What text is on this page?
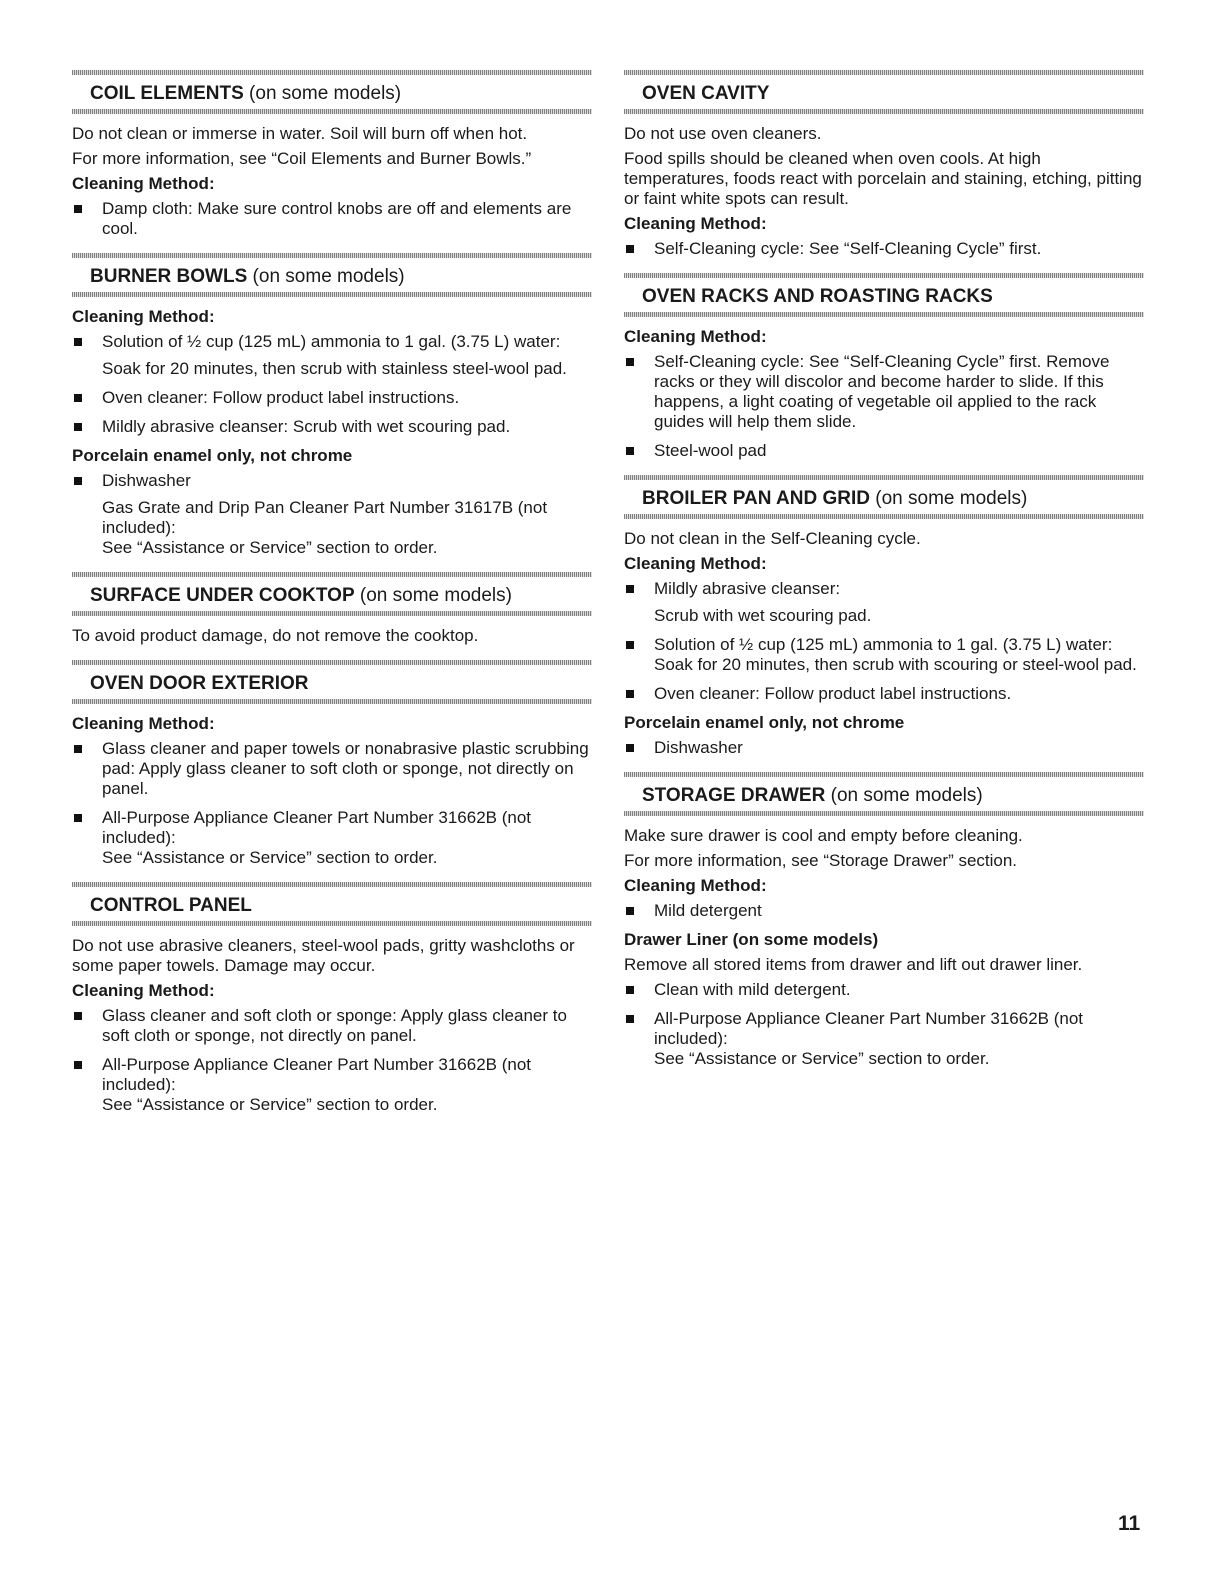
COIL ELEMENTS (on some models)

Do not clean or immerse in water. Soil will burn off when hot.

For more information, see “Coil Elements and Burner Bowls.”

Cleaning Method:
Damp cloth: Make sure control knobs are off and elements are cool.
BURNER BOWLS (on some models)
Cleaning Method:
Solution of ½ cup (125 mL) ammonia to 1 gal. (3.75 L) water:
Soak for 20 minutes, then scrub with stainless steel-wool pad.
Oven cleaner: Follow product label instructions.
Mildly abrasive cleanser: Scrub with wet scouring pad.
Porcelain enamel only, not chrome
Dishwasher
Gas Grate and Drip Pan Cleaner Part Number 31617B (not included):
See “Assistance or Service” section to order.
SURFACE UNDER COOKTOP (on some models)

To avoid product damage, do not remove the cooktop.

OVEN DOOR EXTERIOR
Cleaning Method:
Glass cleaner and paper towels or nonabrasive plastic scrubbing pad: Apply glass cleaner to soft cloth or sponge, not directly on panel.
All-Purpose Appliance Cleaner Part Number 31662B (not included):
See “Assistance or Service” section to order.
CONTROL PANEL

Do not use abrasive cleaners, steel-wool pads, gritty washcloths or some paper towels. Damage may occur.

Cleaning Method:
Glass cleaner and soft cloth or sponge: Apply glass cleaner to soft cloth or sponge, not directly on panel.
All-Purpose Appliance Cleaner Part Number 31662B (not included):
See “Assistance or Service” section to order.
OVEN CAVITY

Do not use oven cleaners.

Food spills should be cleaned when oven cools. At high temperatures, foods react with porcelain and staining, etching, pitting or faint white spots can result.

Cleaning Method:
Self-Cleaning cycle: See “Self-Cleaning Cycle” first.
OVEN RACKS AND ROASTING RACKS
Cleaning Method:
Self-Cleaning cycle: See “Self-Cleaning Cycle” first. Remove racks or they will discolor and become harder to slide. If this happens, a light coating of vegetable oil applied to the rack guides will help them slide.
Steel-wool pad
BROILER PAN AND GRID (on some models)

Do not clean in the Self-Cleaning cycle.

Cleaning Method:
Mildly abrasive cleanser:
Scrub with wet scouring pad.
Solution of ½ cup (125 mL) ammonia to 1 gal. (3.75 L) water:
Soak for 20 minutes, then scrub with scouring or steel-wool pad.
Oven cleaner: Follow product label instructions.
Porcelain enamel only, not chrome
Dishwasher
STORAGE DRAWER (on some models)

Make sure drawer is cool and empty before cleaning.

For more information, see “Storage Drawer” section.

Cleaning Method:
Mild detergent
Drawer Liner (on some models)

Remove all stored items from drawer and lift out drawer liner.

Clean with mild detergent.
All-Purpose Appliance Cleaner Part Number 31662B (not included):
See “Assistance or Service” section to order.
11
